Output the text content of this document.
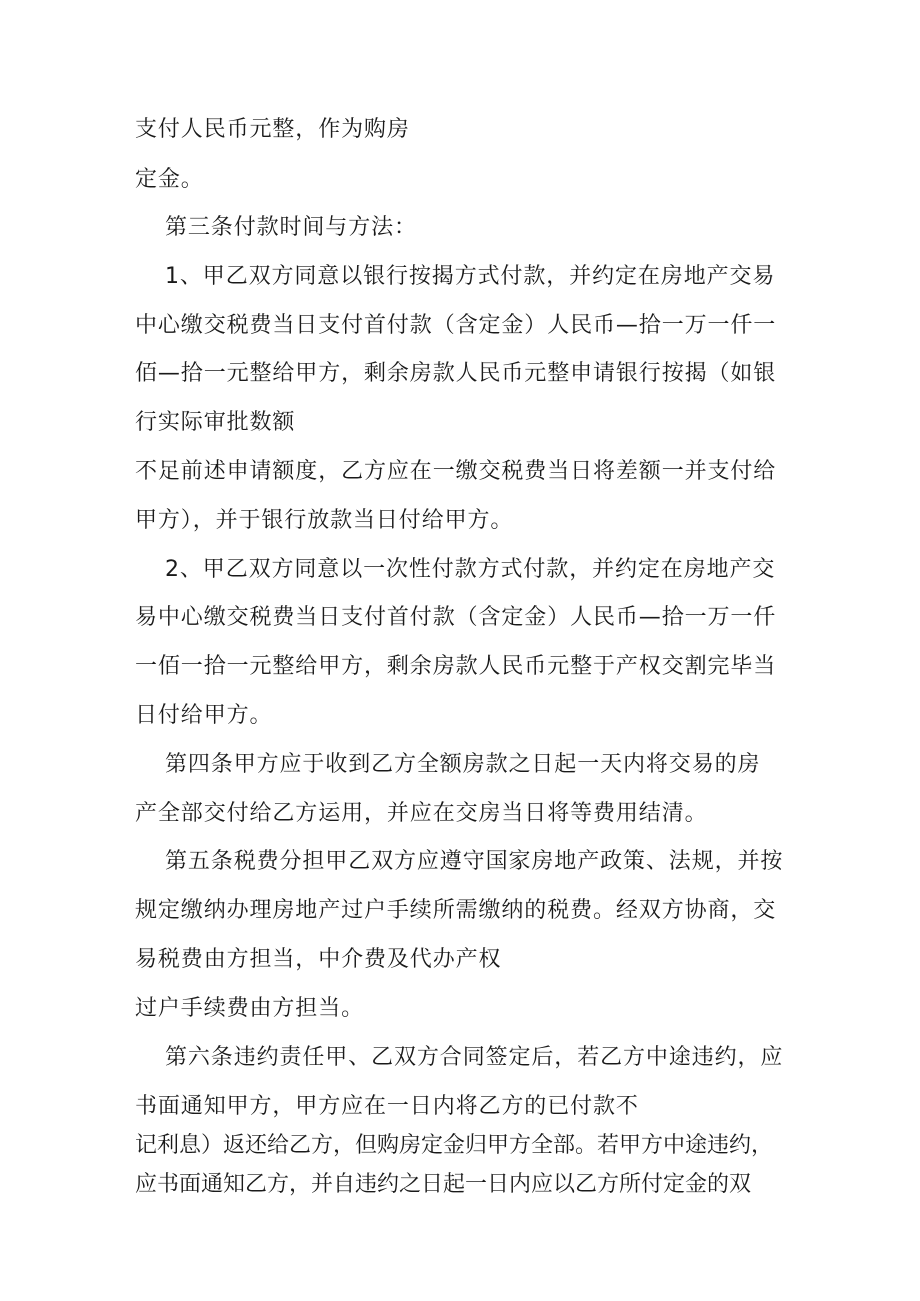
支付人民币元整，作为购房
定金。
第三条付款时间与方法：
1、甲乙双方同意以银行按揭方式付款，并约定在房地产交易
中心缴交税费当日支付首付款（含定金）人民币—拾一万一仟一
佰—拾一元整给甲方，剩余房款人民币元整申请银行按揭（如银
行实际审批数额
不足前述申请额度，乙方应在一缴交税费当日将差额一并支付给
甲方），并于银行放款当日付给甲方。
2、甲乙双方同意以一次性付款方式付款，并约定在房地产交
易中心缴交税费当日支付首付款（含定金）人民币—拾一万一仟
一佰一拾一元整给甲方，剩余房款人民币元整于产权交割完毕当
日付给甲方。
第四条甲方应于收到乙方全额房款之日起一天内将交易的房
产全部交付给乙方运用，并应在交房当日将等费用结清。
第五条税费分担甲乙双方应遵守国家房地产政策、法规，并按
规定缴纳办理房地产过户手续所需缴纳的税费。经双方协商，交
易税费由方担当，中介费及代办产权
过户手续费由方担当。
第六条违约责任甲、乙双方合同签定后，若乙方中途违约，应
书面通知甲方，甲方应在一日内将乙方的已付款不
记利息）返还给乙方，但购房定金归甲方全部。若甲方中途违约，
应书面通知乙方，并自违约之日起一日内应以乙方所付定金的双
